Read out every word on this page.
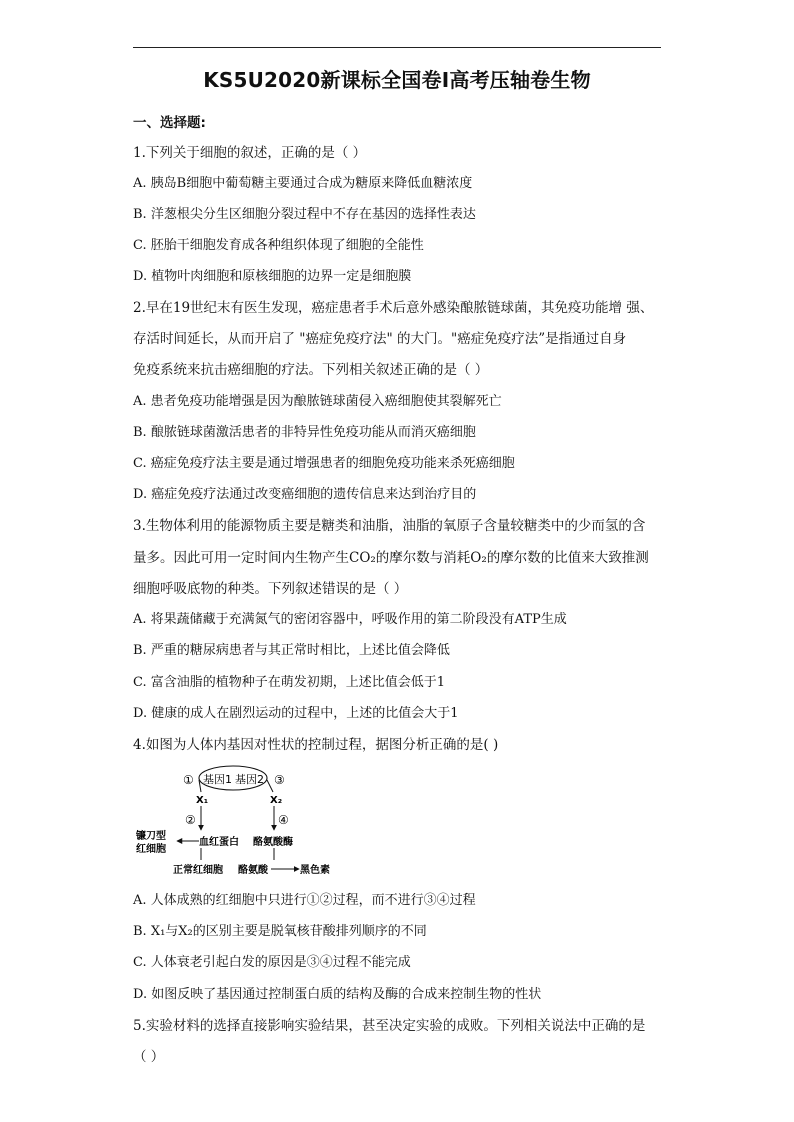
KS5U2020新课标全国卷Ⅰ高考压轴卷生物
一、选择题:
1.下列关于细胞的叙述，正确的是（ ）
A. 胰岛B细胞中葡萄糖主要通过合成为糖原来降低血糖浓度
B. 洋葱根尖分生区细胞分裂过程中不存在基因的选择性表达
C. 胚胎干细胞发育成各种组织体现了细胞的全能性
D. 植物叶肉细胞和原核细胞的边界一定是细胞膜
2.早在19世纪末有医生发现，癌症患者手术后意外感染酿脓链球菌，其免疫功能增 强、
存活时间延长，从而开启了 "癌症免疫疗法" 的大门。"癌症免疫疗法”是指通过自身
免疫系统来抗击癌细胞的疗法。下列相关叙述正确的是（ ）
A. 患者免疫功能增强是因为酿脓链球菌侵入癌细胞使其裂解死亡
B. 酿脓链球菌激活患者的非特异性免疫功能从而消灭癌细胞
C. 癌症免疫疗法主要是通过增强患者的细胞免疫功能来杀死癌细胞
D. 癌症免疫疗法通过改变癌细胞的遗传信息来达到治疗目的
3.生物体利用的能源物质主要是糖类和油脂，油脂的氧原子含量较糖类中的少而氢的含
量多。因此可用一定时间内生物产生CO₂的摩尔数与消耗O₂的摩尔数的比值来大致推测
细胞呼吸底物的种类。下列叙述错误的是（ ）
A. 将果蔬储藏于充满氮气的密闭容器中，呼吸作用的第二阶段没有ATP生成
B. 严重的糖尿病患者与其正常时相比，上述比值会降低
C. 富含油脂的植物种子在萌发初期，上述比值会低于1
D. 健康的成人在剧烈运动的过程中，上述的比值会大于1
4.如图为人体内基因对性状的控制过程，据图分析正确的是( )
基因1 基因2
①	③
X₁	X₂
②	④
镰刀型
红细胞
血红蛋白 酪氨酸酶
正常红细胞 酪氨酸	黑色素
A. 人体成熟的红细胞中只进行①②过程，而不进行③④过程
B. X₁与X₂的区别主要是脱氧核苷酸排列顺序的不同
C. 人体衰老引起白发的原因是③④过程不能完成
D. 如图反映了基因通过控制蛋白质的结构及酶的合成来控制生物的性状
5.实验材料的选择直接影响实验结果，甚至决定实验的成败。下列相关说法中正确的是
（ ）
